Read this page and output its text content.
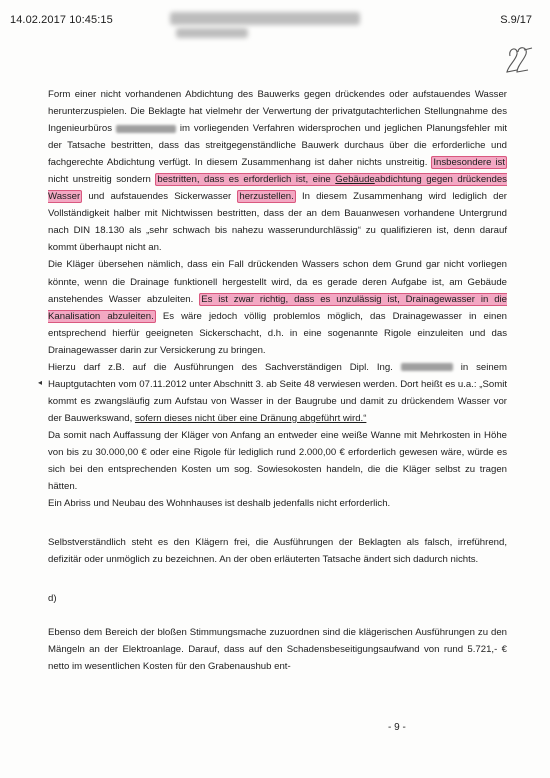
14.02.2017 10:45:15	S.9/17
◂

Form einer nicht vorhandenen Abdichtung des Bauwerks gegen drückendes oder aufstauendes Wasser herunterzuspielen. Die Beklagte hat vielmehr der Verwertung der privatgutachterlichen Stellungnahme des Ingenieurbüros	im vorliegenden Verfahren widersprochen und jeglichen Planungsfehler mit der Tatsache bestritten, dass das streitgegenständliche Bauwerk durchaus über die erforderliche und fachgerechte Abdichtung verfügt. In diesem Zusammenhang ist daher nichts unstreitig. Insbesondere ist nicht unstreitig sondern bestritten, dass es erforderlich ist, eine Gebäudeabdichtung gegen drückendes Wasser und aufstauendes Sickerwasser herzustellen. In diesem Zusammenhang wird lediglich der Vollständigkeit halber mit Nichtwissen bestritten, dass der an dem Bauanwesen vorhandene Untergrund nach DIN 18.130 als „sehr schwach bis nahezu wasserundurchlässig“ zu qualifizieren ist, denn darauf kommt überhaupt nicht an.

Die Kläger übersehen nämlich, dass ein Fall drückenden Wassers schon dem Grund gar nicht vorliegen könnte, wenn die Drainage funktionell hergestellt wird, da es gerade deren Aufgabe ist, am Gebäude anstehendes Wasser abzuleiten. Es ist zwar richtig, dass es unzulässig ist, Drainagewasser in die Kanalisation abzuleiten. Es wäre jedoch völlig problemlos möglich, das Drainagewasser in einen entsprechend hierfür geeigneten Sickerschacht, d.h. in eine sogenannte Rigole einzuleiten und das Drainagewasser darin zur Versickerung zu bringen.

Hierzu darf z.B. auf die Ausführungen des Sachverständigen Dipl. Ing.	in seinem Hauptgutachten vom 07.11.2012 unter Abschnitt 3. ab Seite 48 verwiesen werden. Dort heißt es u.a.: „Somit kommt es zwangsläufig zum Aufstau von Wasser in der Baugrube und damit zu drückendem Wasser vor der Bauwerkswand, sofern dieses nicht über eine Dränung abgeführt wird.“

Da somit nach Auffassung der Kläger von Anfang an entweder eine weiße Wanne mit Mehrkosten in Höhe von bis zu 30.000,00 € oder eine Rigole für lediglich rund 2.000,00 € erforderlich gewesen wäre, würde es sich bei den entsprechenden Kosten um sog. Sowiesokosten handeln, die die Kläger selbst zu tragen hätten.

Ein Abriss und Neubau des Wohnhauses ist deshalb jedenfalls nicht erforderlich.

Selbstverständlich steht es den Klägern frei, die Ausführungen der Beklagten als falsch, irreführend, defizitär oder unmöglich zu bezeichnen. An der oben erläuterten Tatsache ändert sich dadurch nichts.

d)

Ebenso dem Bereich der bloßen Stimmungsmache zuzuordnen sind die klägerischen Ausführungen zu den Mängeln an der Elektroanlage. Darauf, dass auf den Schadensbeseitigungsaufwand von rund 5.721,- € netto im wesentlichen Kosten für den Grabenaushub ent-

- 9 -
